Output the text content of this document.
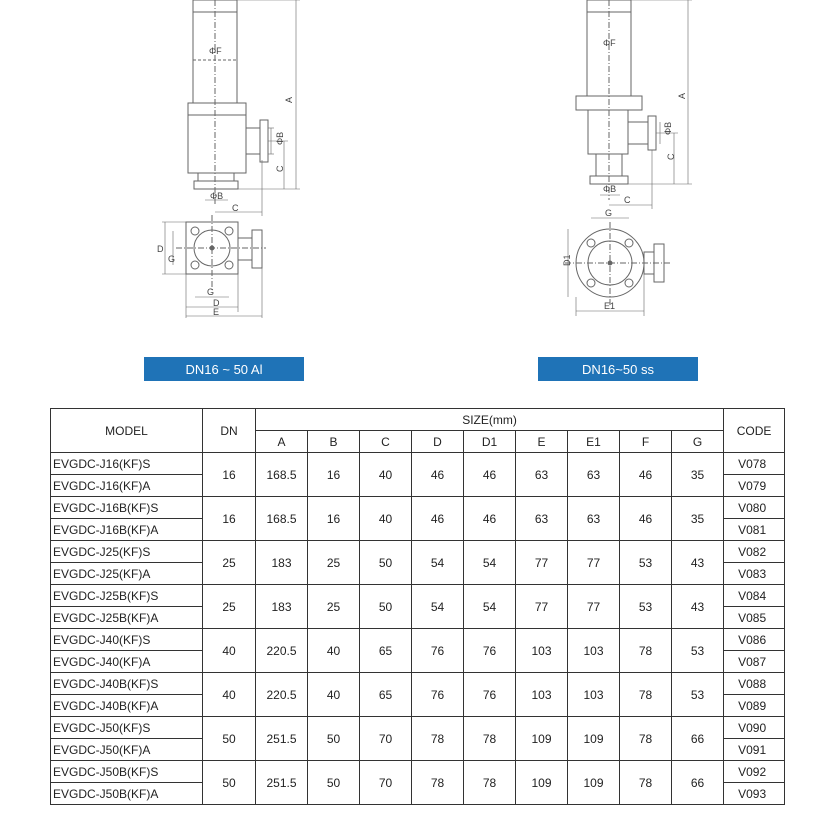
ΦF
A
ΦB
C
ΦB
C
D
G
G
D
E
ΦF
A
ΦB
C
ΦB
C
G
D1
E1
DN16 ~ 50 Al	DN16~50 ss
MODEL	DN	SIZE(mm)									CODE
		A	B	C	D	D1	E	E1	F	G	
EVGDC-J16(KF)S	16	168.5	16	40	46	46	63	63	46	35	V078
EVGDC-J16(KF)A											V079
EVGDC-J16B(KF)S	16	168.5	16	40	46	46	63	63	46	35	V080
EVGDC-J16B(KF)A											V081
EVGDC-J25(KF)S	25	183	25	50	54	54	77	77	53	43	V082
EVGDC-J25(KF)A											V083
EVGDC-J25B(KF)S	25	183	25	50	54	54	77	77	53	43	V084
EVGDC-J25B(KF)A											V085
EVGDC-J40(KF)S	40	220.5	40	65	76	76	103	103	78	53	V086
EVGDC-J40(KF)A											V087
EVGDC-J40B(KF)S	40	220.5	40	65	76	76	103	103	78	53	V088
EVGDC-J40B(KF)A											V089
EVGDC-J50(KF)S	50	251.5	50	70	78	78	109	109	78	66	V090
EVGDC-J50(KF)A											V091
EVGDC-J50B(KF)S	50	251.5	50	70	78	78	109	109	78	66	V092
EVGDC-J50B(KF)A											V093
